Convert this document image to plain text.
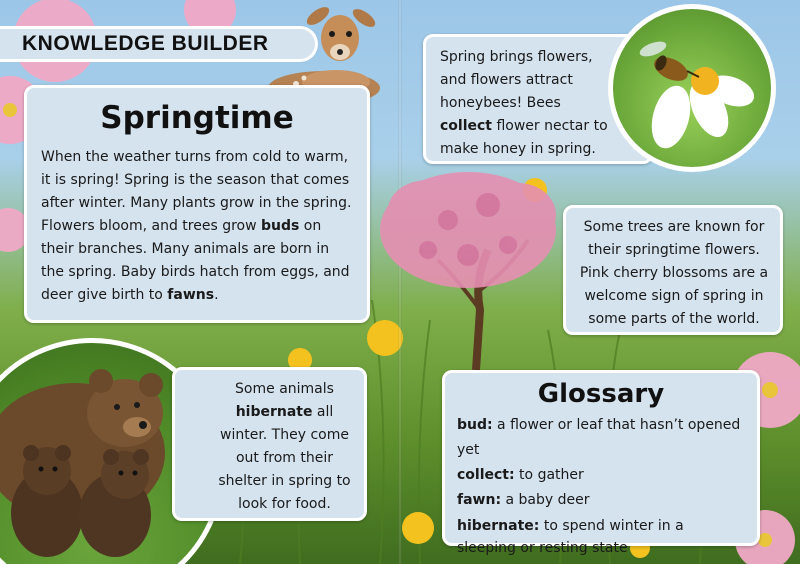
KNOWLEDGE BUILDER
Springtime
When the weather turns from cold to warm, it is spring! Spring is the season that comes after winter. Many plants grow in the spring. Flowers bloom, and trees grow buds on their branches. Many animals are born in the spring. Baby birds hatch from eggs, and deer give birth to fawns.
Spring brings flowers, and flowers attract honeybees! Bees collect flower nectar to make honey in spring.
Some trees are known for their springtime flowers. Pink cherry blossoms are a welcome sign of spring in some parts of the world.
Some animals hibernate all winter. They come out from their shelter in spring to look for food.
Glossary
bud: a flower or leaf that hasn’t opened yet
collect: to gather
fawn: a baby deer
hibernate: to spend winter in a sleeping or resting state
